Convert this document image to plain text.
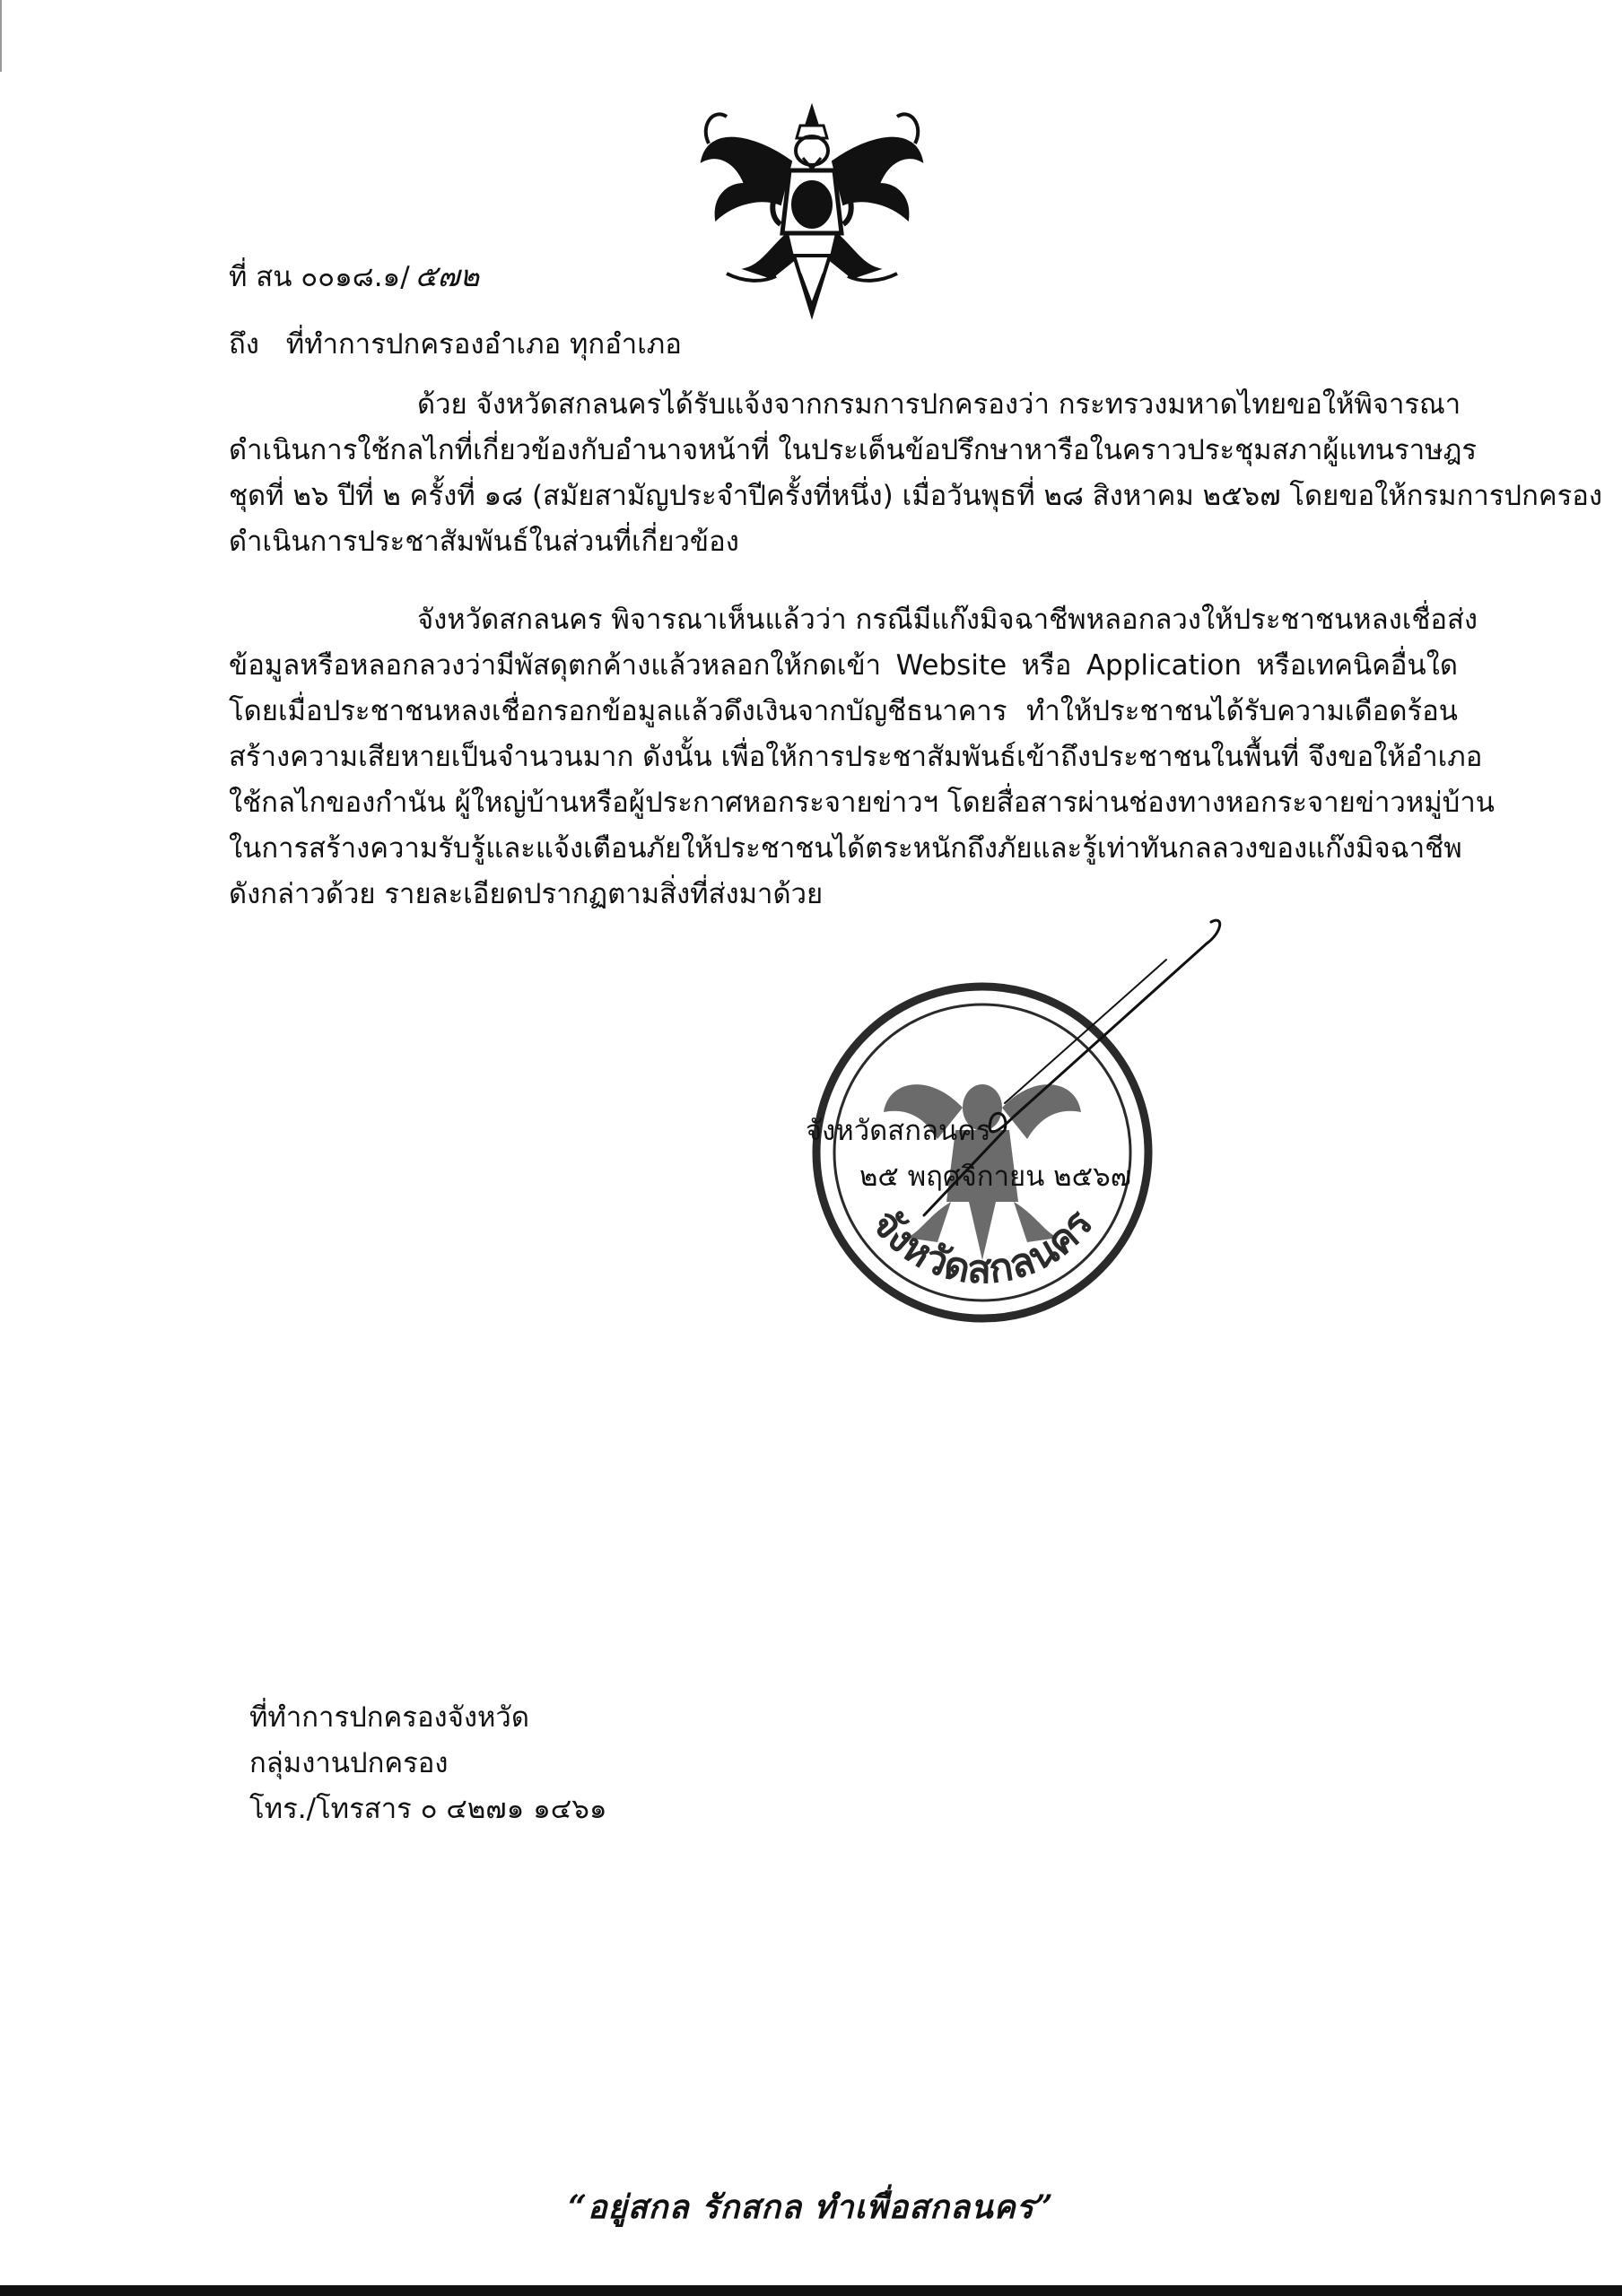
ที่ สน ๐๐๑๘.๑/ ๕๗๒
ถึง ที่ทำการปกครองอำเภอ ทุกอำเภอ
ด้วย จังหวัดสกลนครได้รับแจ้งจากกรมการปกครองว่า กระทรวงมหาดไทยขอให้พิจารณา
ดำเนินการใช้กลไกที่เกี่ยวข้องกับอำนาจหน้าที่ ในประเด็นข้อปรึกษาหารือในคราวประชุมสภาผู้แทนราษฎร
ชุดที่ ๒๖ ปีที่ ๒ ครั้งที่ ๑๘ (สมัยสามัญประจำปีครั้งที่หนึ่ง) เมื่อวันพุธที่ ๒๘ สิงหาคม ๒๕๖๗ โดยขอให้กรมการปกครอง
ดำเนินการประชาสัมพันธ์ในส่วนที่เกี่ยวข้อง
จังหวัดสกลนคร พิจารณาเห็นแล้วว่า กรณีมีแก๊งมิจฉาชีพหลอกลวงให้ประชาชนหลงเชื่อส่ง
ข้อมูลหรือหลอกลวงว่ามีพัสดุตกค้างแล้วหลอกให้กดเข้า Website หรือ Application หรือเทคนิคอื่นใด
โดยเมื่อประชาชนหลงเชื่อกรอกข้อมูลแล้วดึงเงินจากบัญชีธนาคาร ทำให้ประชาชนได้รับความเดือดร้อน
สร้างความเสียหายเป็นจำนวนมาก ดังนั้น เพื่อให้การประชาสัมพันธ์เข้าถึงประชาชนในพื้นที่ จึงขอให้อำเภอ
ใช้กลไกของกำนัน ผู้ใหญ่บ้านหรือผู้ประกาศหอกระจายข่าวฯ โดยสื่อสารผ่านช่องทางหอกระจายข่าวหมู่บ้าน
ในการสร้างความรับรู้และแจ้งเตือนภัยให้ประชาชนได้ตระหนักถึงภัยและรู้เท่าทันกลลวงของแก๊งมิจฉาชีพ
ดังกล่าวด้วย รายละเอียดปรากฏตามสิ่งที่ส่งมาด้วย
จังหวัดสกลนคร
จังหวัดสกลนคร
๒๕ พฤศจิกายน ๒๕๖๗
ที่ทำการปกครองจังหวัด
กลุ่มงานปกครอง
โทร./โทรสาร ๐ ๔๒๗๑ ๑๔๖๑
“อยู่สกล รักสกล ทำเพื่อสกลนคร”
